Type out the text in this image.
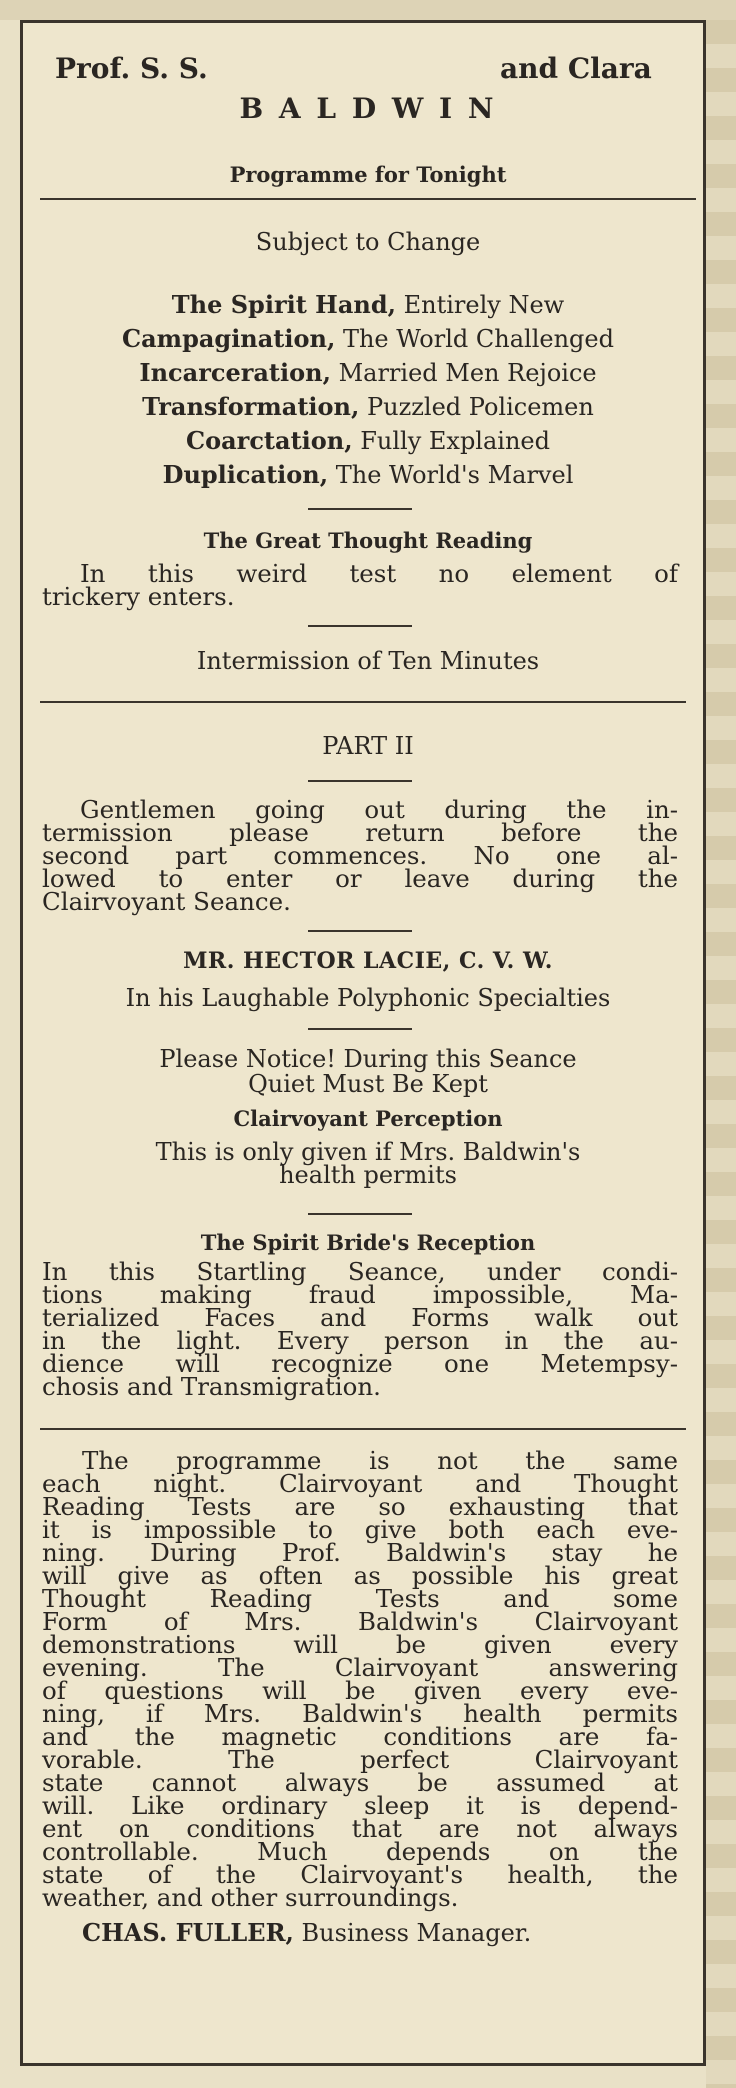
Prof. S. S.	and Clara
B A L D W I N
Programme for Tonight
Subject to Change
The Spirit Hand, Entirely New
Campagination, The World Challenged
Incarceration, Married Men Rejoice
Transformation, Puzzled Policemen
Coarctation, Fully Explained
Duplication, The World's Marvel
The Great Thought Reading
In this weird test no element of
trickery enters.
Intermission of Ten Minutes
PART II
Gentlemen going out during the in-
termission please return before the
second part commences. No one al-
lowed to enter or leave during the
Clairvoyant Seance.
MR. HECTOR LACIE, C. V. W.
In his Laughable Polyphonic Specialties
Please Notice! During this Seance
Quiet Must Be Kept
Clairvoyant Perception
This is only given if Mrs. Baldwin's
health permits
The Spirit Bride's Reception
In this Startling Seance, under condi-
tions making fraud impossible, Ma-
terialized Faces and Forms walk out
in the light. Every person in the au-
dience will recognize one Metempsy-
chosis and Transmigration.
The programme is not the same
each night. Clairvoyant and Thought
Reading Tests are so exhausting that
it is impossible to give both each eve-
ning. During Prof. Baldwin's stay he
will give as often as possible his great
Thought Reading Tests and some
Form of Mrs. Baldwin's Clairvoyant
demonstrations will be given every
evening. The Clairvoyant answering
of questions will be given every eve-
ning, if Mrs. Baldwin's health permits
and the magnetic conditions are fa-
vorable. The perfect Clairvoyant
state cannot always be assumed at
will. Like ordinary sleep it is depend-
ent on conditions that are not always
controllable. Much depends on the
state of the Clairvoyant's health, the
weather, and other surroundings.
CHAS. FULLER, Business Manager.
